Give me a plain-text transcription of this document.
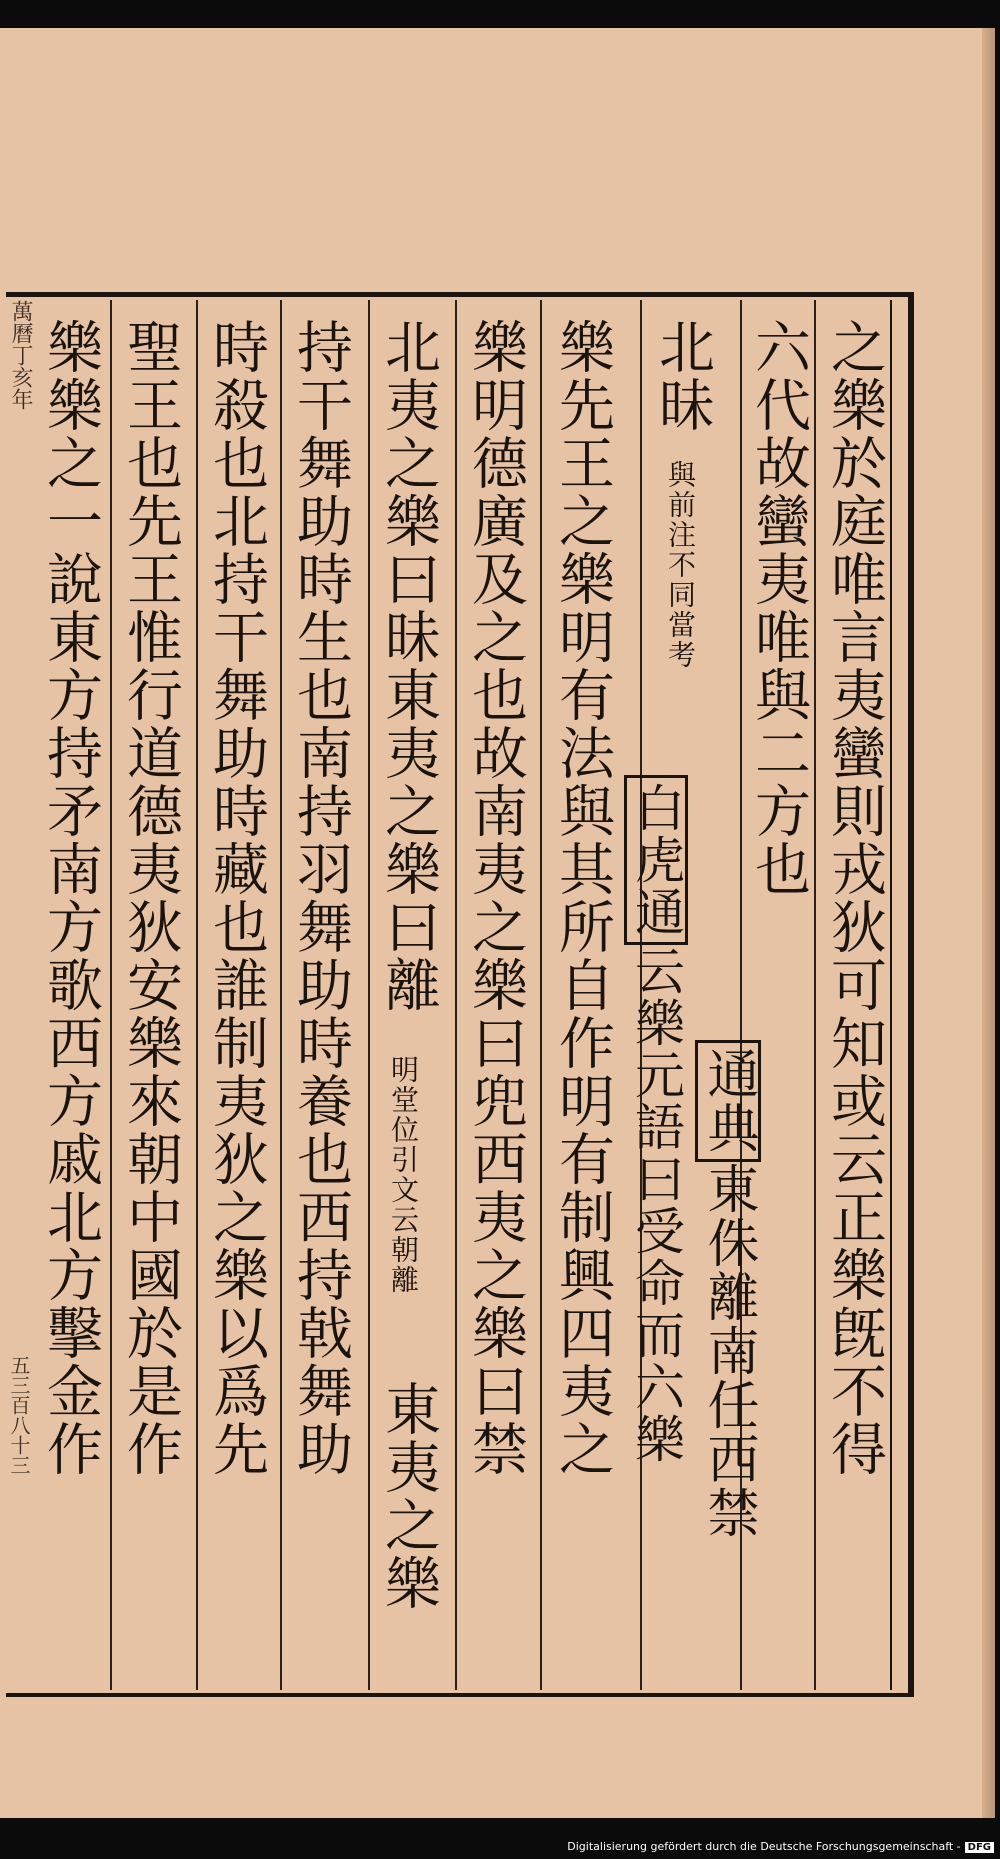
之樂於庭唯言夷蠻則戎狄可知或云正樂旣不得
六代故蠻夷唯與二方也
通典東侏離南任西禁
北昧
與前注不同當考
樂先王之樂明有法與其所自作明有制興四夷之 白虎通云樂元語曰受命而六樂
樂明德廣及之也故南夷之樂曰兜西夷之樂曰禁
北夷之樂曰昧東夷之樂曰離
明堂位引文云朝離
東夷之樂
持干舞助時生也南持羽舞助時養也西持戟舞助
時殺也北持干舞助時藏也誰制夷狄之樂以爲先
聖王也先王惟行道德夷狄安樂來朝中國於是作
樂樂之一說東方持矛南方歌西方戚北方擊金作
萬曆丁亥年
五三百八十三
Digitalisierung gefördert durch die Deutsche Forschungsgemeinschaft - DFG
